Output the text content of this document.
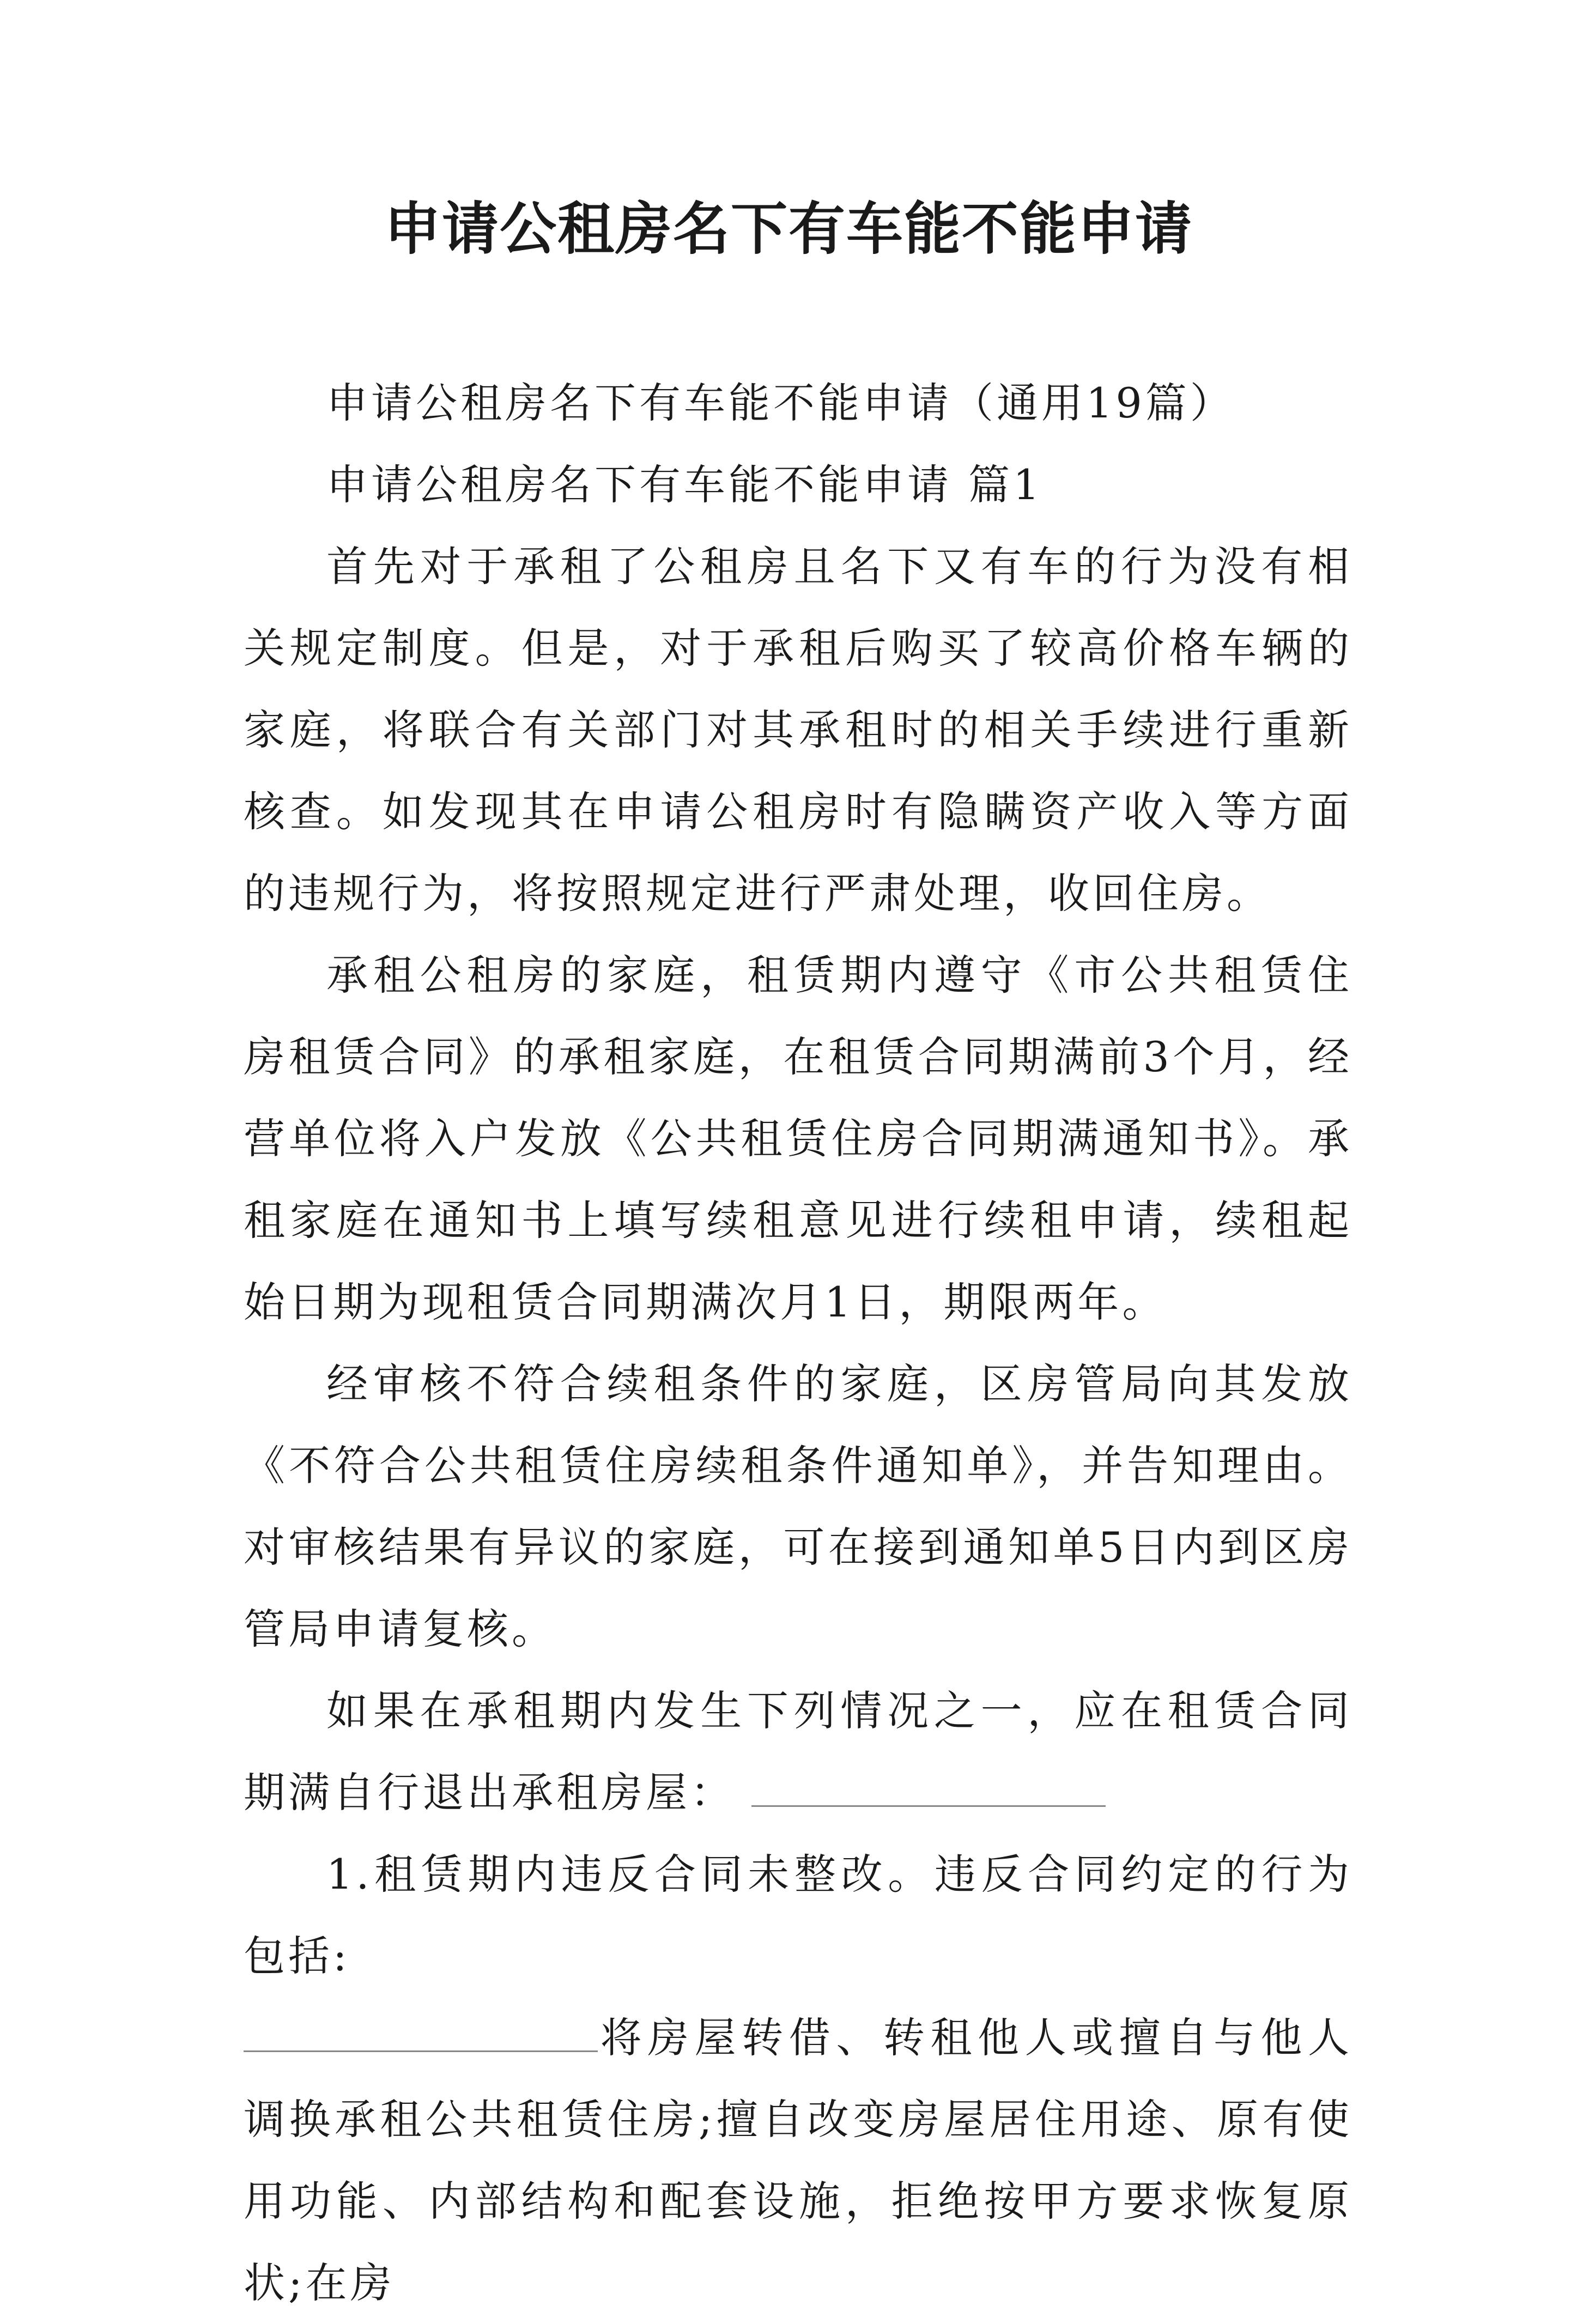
申请公租房名下有车能不能申请

申请公租房名下有车能不能申请（通用19篇）

申请公租房名下有车能不能申请 篇1

首先对于承租了公租房且名下又有车的行为没有相关规定制度。但是，对于承租后购买了较高价格车辆的家庭，将联合有关部门对其承租时的相关手续进行重新核查。如发现其在申请公租房时有隐瞒资产收入等方面的违规行为，将按照规定进行严肃处理，收回住房。

承租公租房的家庭，租赁期内遵守《市公共租赁住房租赁合同》的承租家庭，在租赁合同期满前3个月，经营单位将入户发放《公共租赁住房合同期满通知书》。承租家庭在通知书上填写续租意见进行续租申请，续租起始日期为现租赁合同期满次月1日，期限两年。

经审核不符合续租条件的家庭，区房管局向其发放《不符合公共租赁住房续租条件通知单》，并告知理由。对审核结果有异议的家庭，可在接到通知单5日内到区房管局申请复核。

如果在承租期内发生下列情况之一，应在租赁合同期满自行退出承租房屋：

1.租赁期内违反合同未整改。违反合同约定的行为包括:
将房屋转借、转租他人或擅自与他人调换承租公共租赁住房;擅自改变房屋居住用途、原有使用功能、内部结构和配套设施，拒绝按甲方要求恢复原状;在房
